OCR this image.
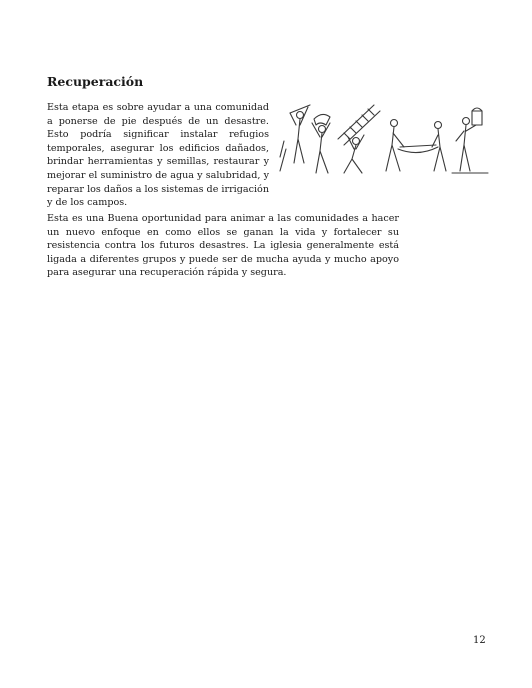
Recuperación

Esta etapa es sobre ayudar a una comunidad a ponerse de pie después de un desastre. Esto podría significar instalar refugios temporales, asegurar los edificios dañados, brindar herramientas y semillas, restaurar y mejorar el suministro de agua y salubridad, y reparar los daños a los sistemas de irrigación y de los campos.

Esta es una Buena oportunidad para animar a las comunidades a hacer un nuevo enfoque en como ellos se ganan la vida y fortalecer su resistencia contra los futuros desastres. La iglesia generalmente está ligada a diferentes grupos y puede ser de mucha ayuda y mucho apoyo para asegurar una recuperación rápida y segura.

12
